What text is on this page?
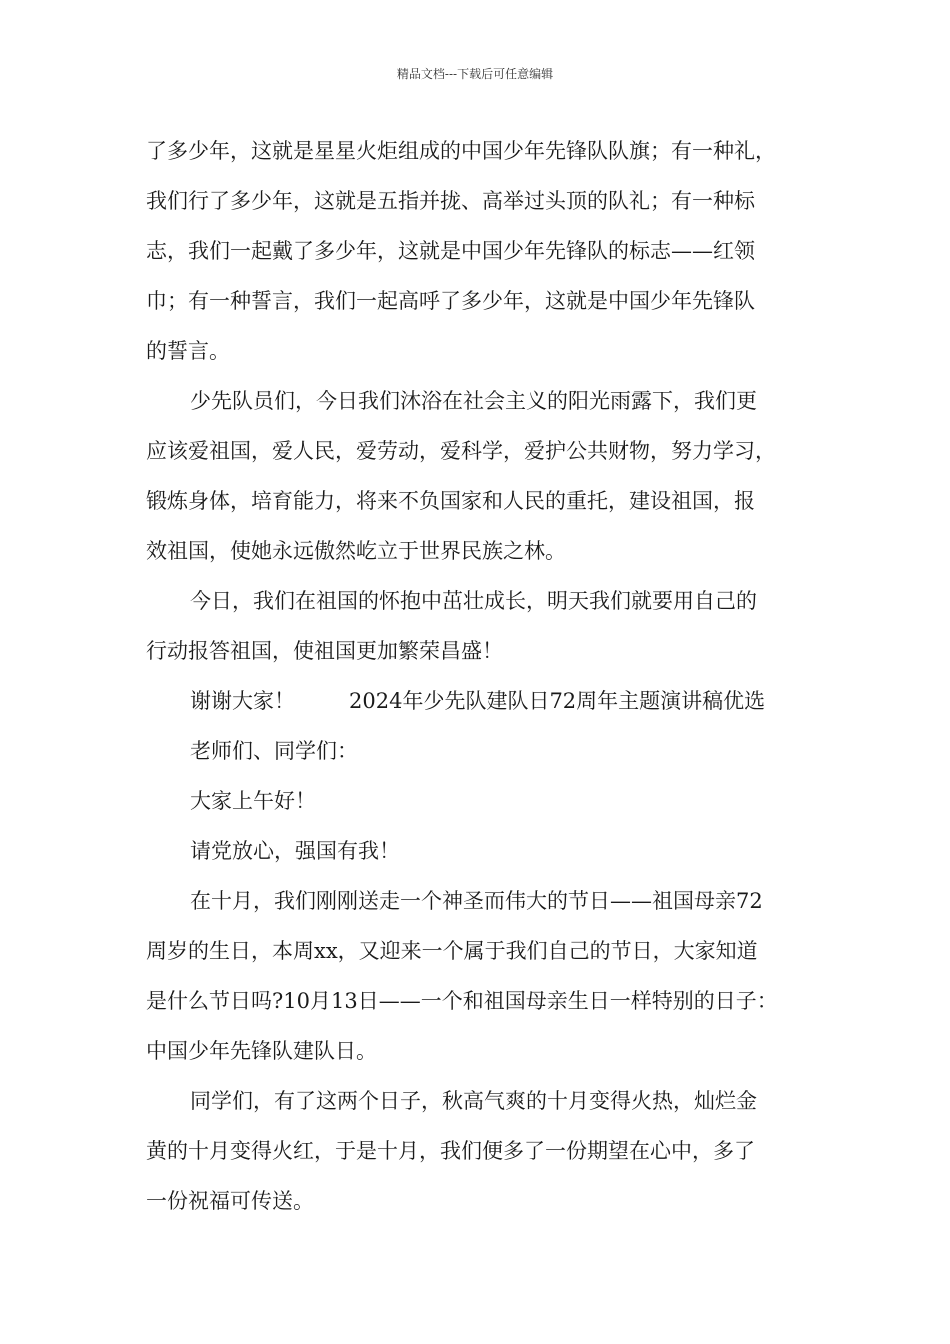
精品文档---下载后可任意编辑
了多少年，这就是星星火炬组成的中国少年先锋队队旗；有一种礼，
我们行了多少年，这就是五指并拢、高举过头顶的队礼；有一种标
志，我们一起戴了多少年，这就是中国少年先锋队的标志——红领
巾；有一种誓言，我们一起高呼了多少年，这就是中国少年先锋队
的誓言。
少先队员们，今日我们沐浴在社会主义的阳光雨露下，我们更
应该爱祖国，爱人民，爱劳动，爱科学，爱护公共财物，努力学习，
锻炼身体，培育能力，将来不负国家和人民的重托，建设祖国，报
效祖国，使她永远傲然屹立于世界民族之林。
今日，我们在祖国的怀抱中茁壮成长，明天我们就要用自己的
行动报答祖国，使祖国更加繁荣昌盛！
谢谢大家！	2024年少先队建队日72周年主题演讲稿优选
老师们、同学们：
大家上午好！
请党放心，强国有我！
在十月，我们刚刚送走一个神圣而伟大的节日——祖国母亲72
周岁的生日，本周xx，又迎来一个属于我们自己的节日，大家知道
是什么节日吗?10月13日——一个和祖国母亲生日一样特别的日子：
中国少年先锋队建队日。
同学们，有了这两个日子，秋高气爽的十月变得火热，灿烂金
黄的十月变得火红，于是十月，我们便多了一份期望在心中，多了
一份祝福可传送。
